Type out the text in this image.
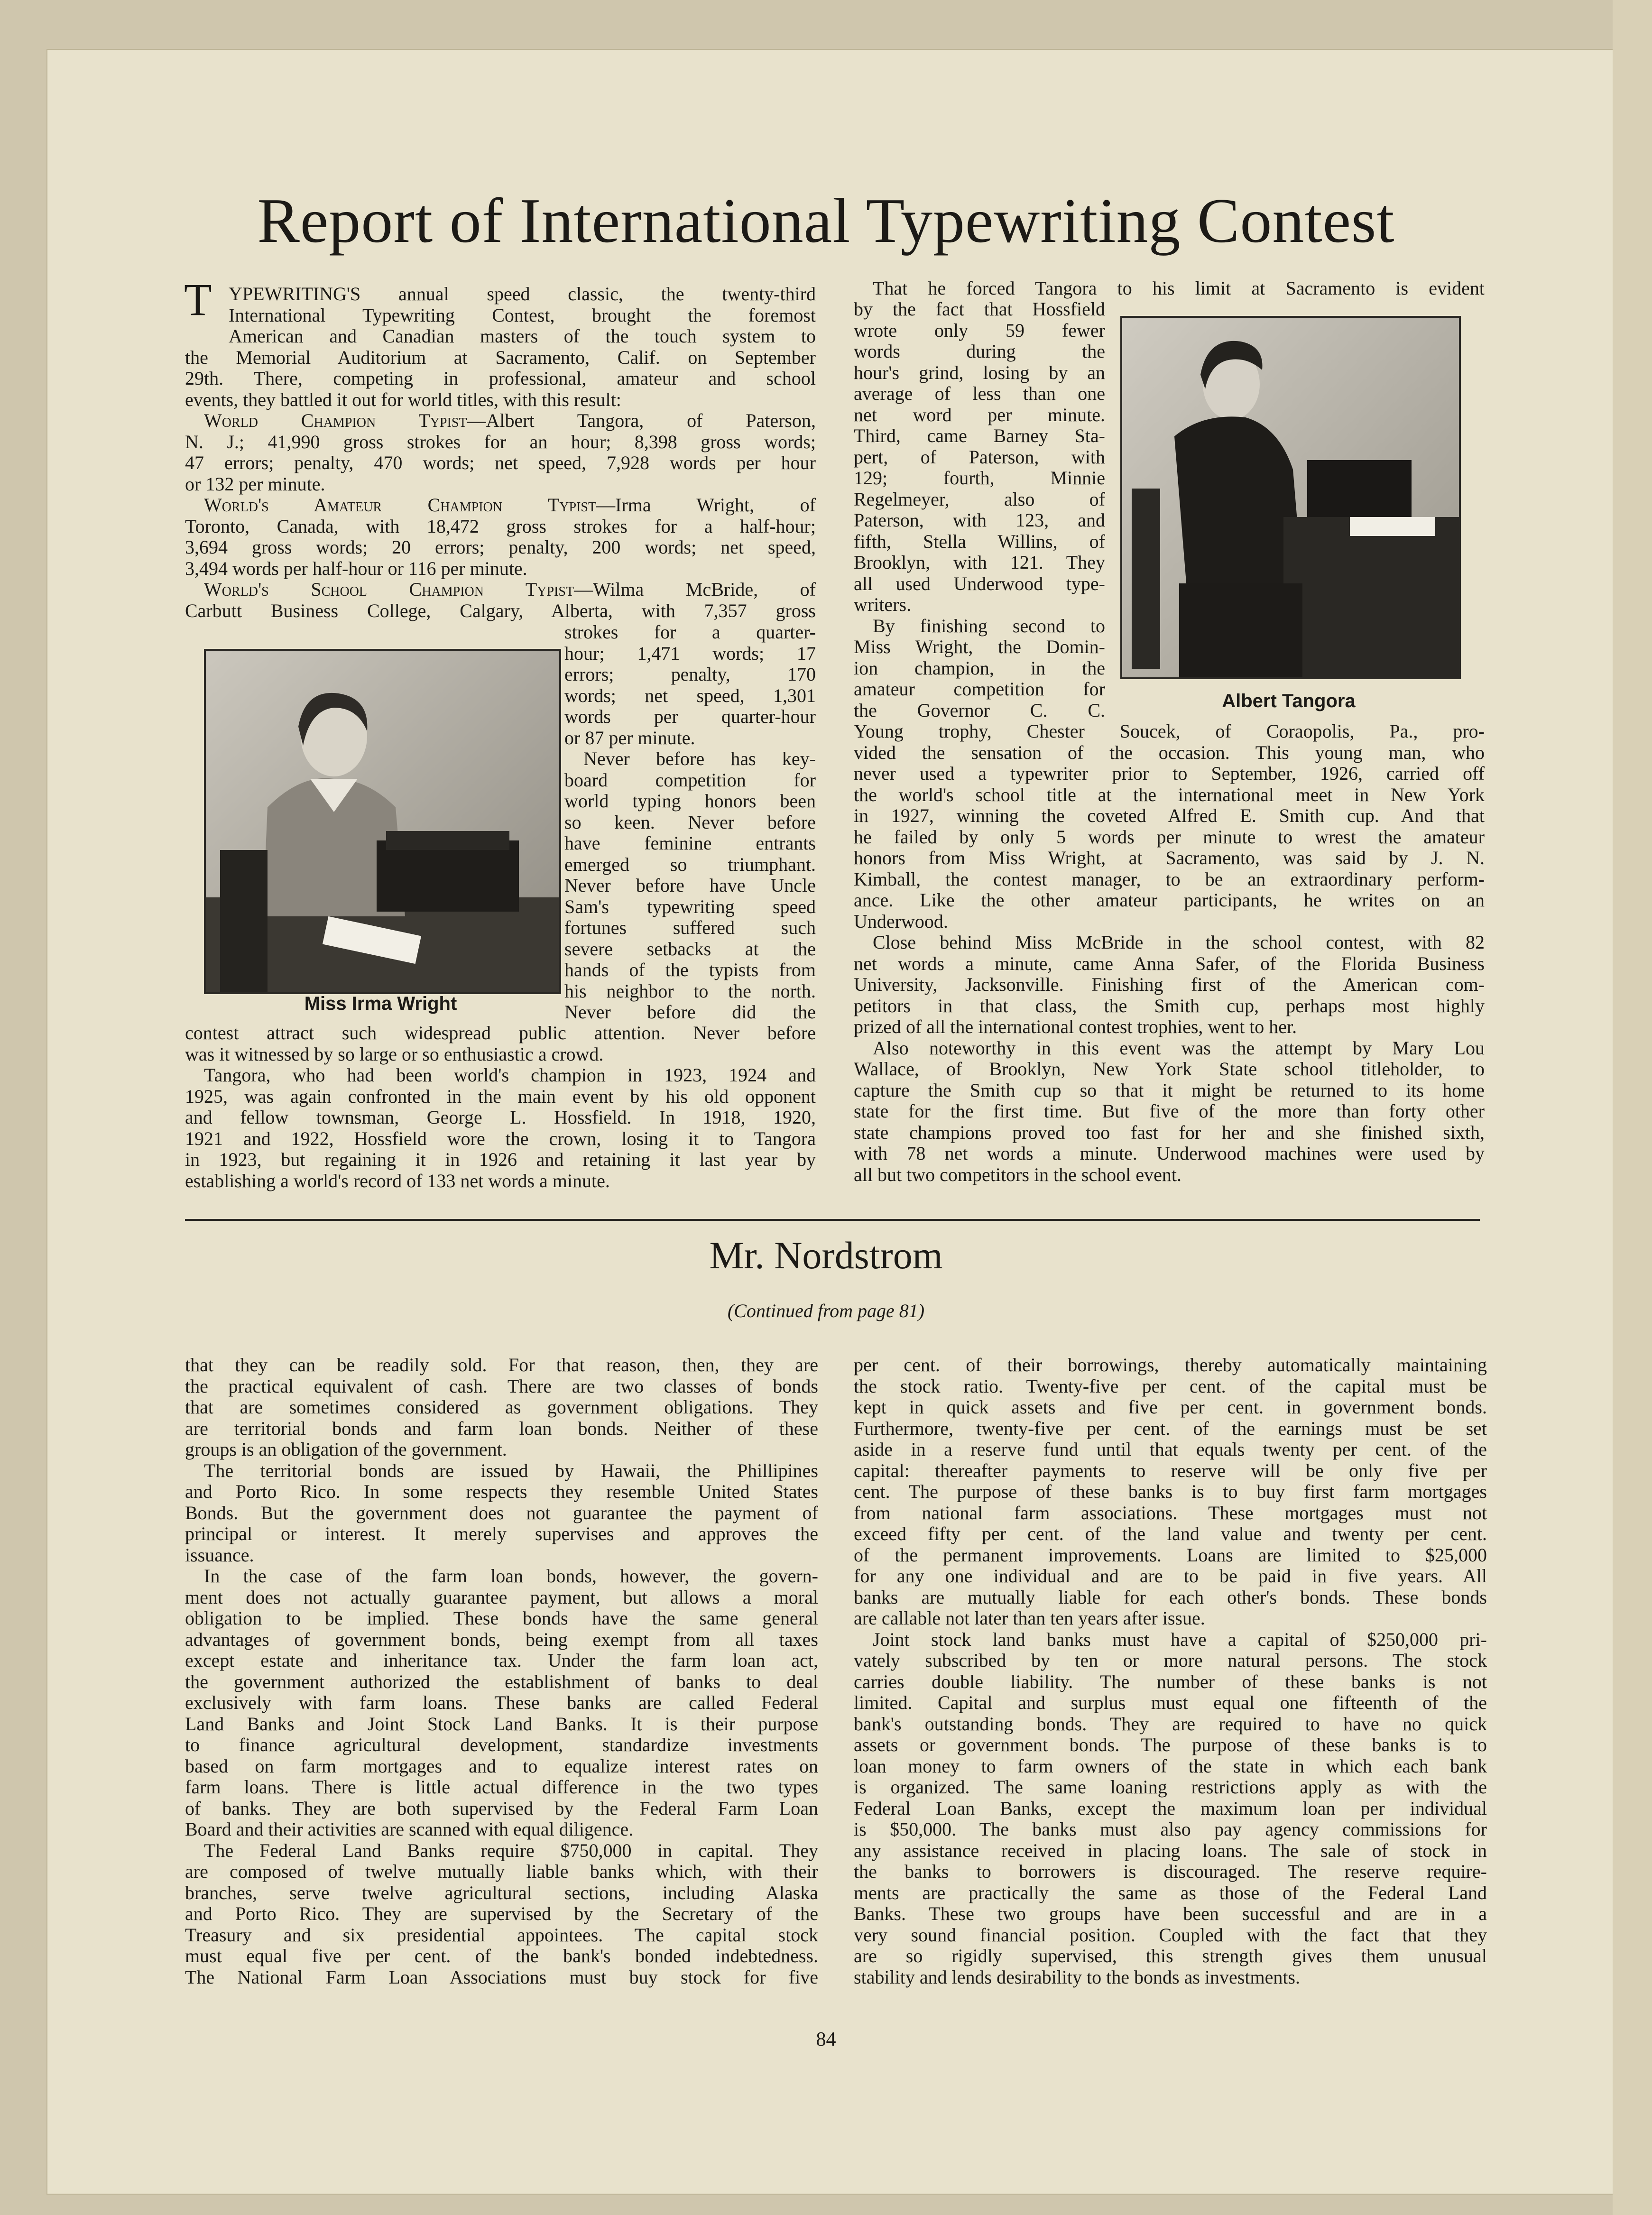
Report of International Typewriting Contest
YPEWRITING'S annual speed classic, the twenty-third
International Typewriting Contest, brought the foremost
American and Canadian masters of the touch system to
the Memorial Auditorium at Sacramento, Calif. on September
29th. There, competing in professional, amateur and school
events, they battled it out for world titles, with this result:
World Champion Typist—Albert Tangora, of Paterson,
N. J.; 41,990 gross strokes for an hour; 8,398 gross words;
47 errors; penalty, 470 words; net speed, 7,928 words per hour
or 132 per minute.
World's Amateur Champion Typist—Irma Wright, of
Toronto, Canada, with 18,472 gross strokes for a half-hour;
3,694 gross words; 20 errors; penalty, 200 words; net speed,
3,494 words per half-hour or 116 per minute.
World's School Champion Typist—Wilma McBride, of
Carbutt Business College, Calgary, Alberta, with 7,357 gross
T
Miss Irma Wright
strokes for a quarter-
hour; 1,471 words; 17
errors; penalty, 170
words; net speed, 1,301
words per quarter-hour
or 87 per minute.
Never before has key-
board competition for
world typing honors been
so keen. Never before
have feminine entrants
emerged so triumphant.
Never before have Uncle
Sam's typewriting speed
fortunes suffered such
severe setbacks at the
hands of the typists from
his neighbor to the north.
Never before did the
contest attract such widespread public attention. Never before
was it witnessed by so large or so enthusiastic a crowd.
Tangora, who had been world's champion in 1923, 1924 and
1925, was again confronted in the main event by his old opponent
and fellow townsman, George L. Hossfield. In 1918, 1920,
1921 and 1922, Hossfield wore the crown, losing it to Tangora
in 1923, but regaining it in 1926 and retaining it last year by
establishing a world's record of 133 net words a minute.
That he forced Tangora to his limit at Sacramento is evident
by the fact that Hossfield
wrote only 59 fewer
words during the
hour's grind, losing by an
average of less than one
net word per minute.
Third, came Barney Sta-
pert, of Paterson, with
129; fourth, Minnie
Regelmeyer, also of
Paterson, with 123, and
fifth, Stella Willins, of
Brooklyn, with 121. They
all used Underwood type-
writers.
By finishing second to
Miss Wright, the Domin-
ion champion, in the
amateur competition for
the Governor C. C.	Albert Tangora
Young trophy, Chester Soucek, of Coraopolis, Pa., pro-
vided the sensation of the occasion. This young man, who
never used a typewriter prior to September, 1926, carried off
the world's school title at the international meet in New York
in 1927, winning the coveted Alfred E. Smith cup. And that
he failed by only 5 words per minute to wrest the amateur
honors from Miss Wright, at Sacramento, was said by J. N.
Kimball, the contest manager, to be an extraordinary perform-
ance. Like the other amateur participants, he writes on an
Underwood.
Close behind Miss McBride in the school contest, with 82
net words a minute, came Anna Safer, of the Florida Business
University, Jacksonville. Finishing first of the American com-
petitors in that class, the Smith cup, perhaps most highly
prized of all the international contest trophies, went to her.
Also noteworthy in this event was the attempt by Mary Lou
Wallace, of Brooklyn, New York State school titleholder, to
capture the Smith cup so that it might be returned to its home
state for the first time. But five of the more than forty other
state champions proved too fast for her and she finished sixth,
with 78 net words a minute. Underwood machines were used by
all but two competitors in the school event.
Mr. Nordstrom
(Continued from page 81)
that they can be readily sold. For that reason, then, they are
the practical equivalent of cash. There are two classes of bonds
that are sometimes considered as government obligations. They
are territorial bonds and farm loan bonds. Neither of these
groups is an obligation of the government.
The territorial bonds are issued by Hawaii, the Phillipines
and Porto Rico. In some respects they resemble United States
Bonds. But the government does not guarantee the payment of
principal or interest. It merely supervises and approves the
issuance.
In the case of the farm loan bonds, however, the govern-
ment does not actually guarantee payment, but allows a moral
obligation to be implied. These bonds have the same general
advantages of government bonds, being exempt from all taxes
except estate and inheritance tax. Under the farm loan act,
the government authorized the establishment of banks to deal
exclusively with farm loans. These banks are called Federal
Land Banks and Joint Stock Land Banks. It is their purpose
to finance agricultural development, standardize investments
based on farm mortgages and to equalize interest rates on
farm loans. There is little actual difference in the two types
of banks. They are both supervised by the Federal Farm Loan
Board and their activities are scanned with equal diligence.
The Federal Land Banks require $750,000 in capital. They
are composed of twelve mutually liable banks which, with their
branches, serve twelve agricultural sections, including Alaska
and Porto Rico. They are supervised by the Secretary of the
Treasury and six presidential appointees. The capital stock
must equal five per cent. of the bank's bonded indebtedness.
The National Farm Loan Associations must buy stock for five
per cent. of their borrowings, thereby automatically maintaining
the stock ratio. Twenty-five per cent. of the capital must be
kept in quick assets and five per cent. in government bonds.
Furthermore, twenty-five per cent. of the earnings must be set
aside in a reserve fund until that equals twenty per cent. of the
capital: thereafter payments to reserve will be only five per
cent. The purpose of these banks is to buy first farm mortgages
from national farm associations. These mortgages must not
exceed fifty per cent. of the land value and twenty per cent.
of the permanent improvements. Loans are limited to $25,000
for any one individual and are to be paid in five years. All
banks are mutually liable for each other's bonds. These bonds
are callable not later than ten years after issue.
Joint stock land banks must have a capital of $250,000 pri-
vately subscribed by ten or more natural persons. The stock
carries double liability. The number of these banks is not
limited. Capital and surplus must equal one fifteenth of the
bank's outstanding bonds. They are required to have no quick
assets or government bonds. The purpose of these banks is to
loan money to farm owners of the state in which each bank
is organized. The same loaning restrictions apply as with the
Federal Loan Banks, except the maximum loan per individual
is $50,000. The banks must also pay agency commissions for
any assistance received in placing loans. The sale of stock in
the banks to borrowers is discouraged. The reserve require-
ments are practically the same as those of the Federal Land
Banks. These two groups have been successful and are in a
very sound financial position. Coupled with the fact that they
are so rigidly supervised, this strength gives them unusual
stability and lends desirability to the bonds as investments.
84
